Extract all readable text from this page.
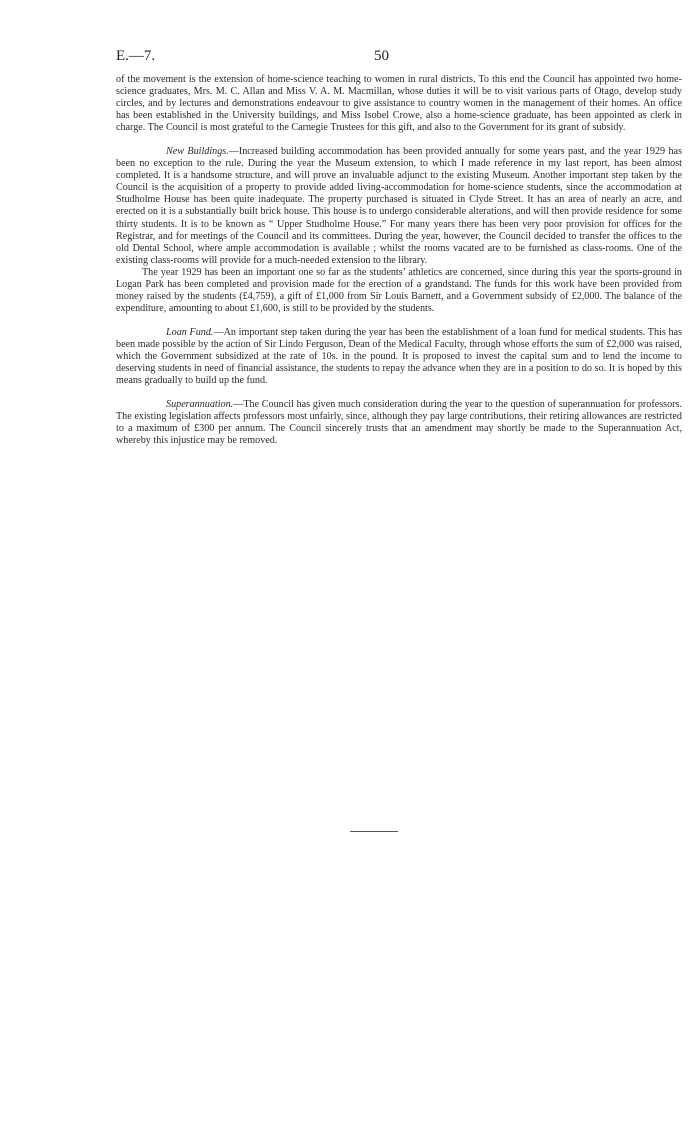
E.—7.	50

of the movement is the extension of home-science teaching to women in rural districts. To this end the Council has appointed two home-science graduates, Mrs. M. C. Allan and Miss V. A. M. Macmillan, whose duties it will be to visit various parts of Otago, develop study circles, and by lectures and demonstrations endeavour to give assistance to country women in the management of their homes. An office has been established in the University buildings, and Miss Isobel Crowe, also a home-science graduate, has been appointed as clerk in charge. The Council is most grateful to the Carnegie Trustees for this gift, and also to the Government for its grant of subsidy.

New Buildings.—Increased building accommodation has been provided annually for some years past, and the year 1929 has been no exception to the rule. During the year the Museum extension, to which I made reference in my last report, has been almost completed. It is a handsome structure, and will prove an invaluable adjunct to the existing Museum. Another important step taken by the Council is the acquisition of a property to provide added living-accommodation for home-science students, since the accommodation at Studholme House has been quite inadequate. The property purchased is situated in Clyde Street. It has an area of nearly an acre, and erected on it is a substantially built brick house. This house is to undergo considerable alterations, and will then provide residence for some thirty students. It is to be known as “ Upper Studholme House.” For many years there has been very poor provision for offices for the Registrar, and for meetings of the Council and its committees. During the year, however, the Council decided to transfer the offices to the old Dental School, where ample accommodation is available ; whilst the rooms vacated are to be furnished as class-rooms. One of the existing class-rooms will provide for a much-needed extension to the library.

The year 1929 has been an important one so far as the students’ athletics are concerned, since during this year the sports-ground in Logan Park has been completed and provision made for the erection of a grandstand. The funds for this work have been provided from money raised by the students (£4,759), a gift of £1,000 from Sir Louis Barnett, and a Government subsidy of £2,000. The balance of the expenditure, amounting to about £1,600, is still to be provided by the students.

Loan Fund.—An important step taken during the year has been the establishment of a loan fund for medical students. This has been made possible by the action of Sir Lindo Ferguson, Dean of the Medical Faculty, through whose efforts the sum of £2,000 was raised, which the Government subsidized at the rate of 10s. in the pound. It is proposed to invest the capital sum and to lend the income to deserving students in need of financial assistance, the students to repay the advance when they are in a position to do so. It is hoped by this means gradually to build up the fund.

Superannuation.—The Council has given much consideration during the year to the question of superannuation for professors. The existing legislation affects professors most unfairly, since, although they pay large contributions, their retiring allowances are restricted to a maximum of £300 per annum. The Council sincerely trusts that an amendment may shortly be made to the Superannuation Act, whereby this injustice may be removed.
